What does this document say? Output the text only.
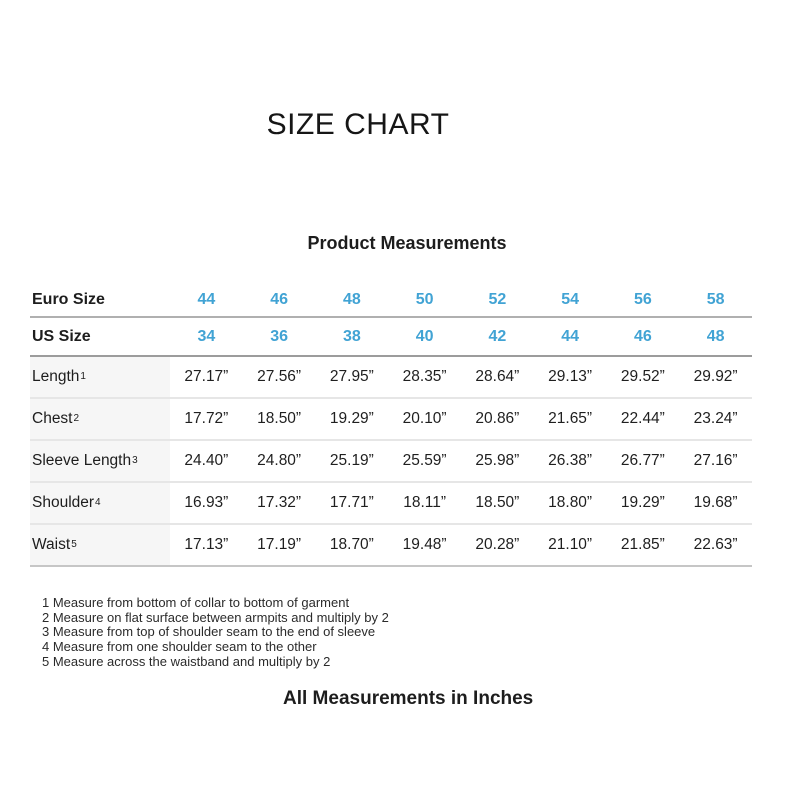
SIZE CHART
Product Measurements
Euro Size	44	46	48	50	52	54	56	58
US Size	34	36	38	40	42	44	46	48
Length 1	27.17”	27.56”	27.95”	28.35”	28.64”	29.13”	29.52”	29.92”
Chest 2	17.72”	18.50”	19.29”	20.10”	20.86”	21.65”	22.44”	23.24”
Sleeve Length 3	24.40”	24.80”	25.19”	25.59”	25.98”	26.38”	26.77”	27.16”
Shoulder 4	16.93”	17.32”	17.71”	18.11”	18.50”	18.80”	19.29”	19.68”
Waist 5	17.13”	17.19”	18.70”	19.48”	20.28”	21.10”	21.85”	22.63”
1 Measure from bottom of collar to bottom of garment
2 Measure on flat surface between armpits and multiply by 2
3 Measure from top of shoulder seam to the end of sleeve
4 Measure from one shoulder seam to the other
5 Measure across the waistband and multiply by 2
All Measurements in Inches
